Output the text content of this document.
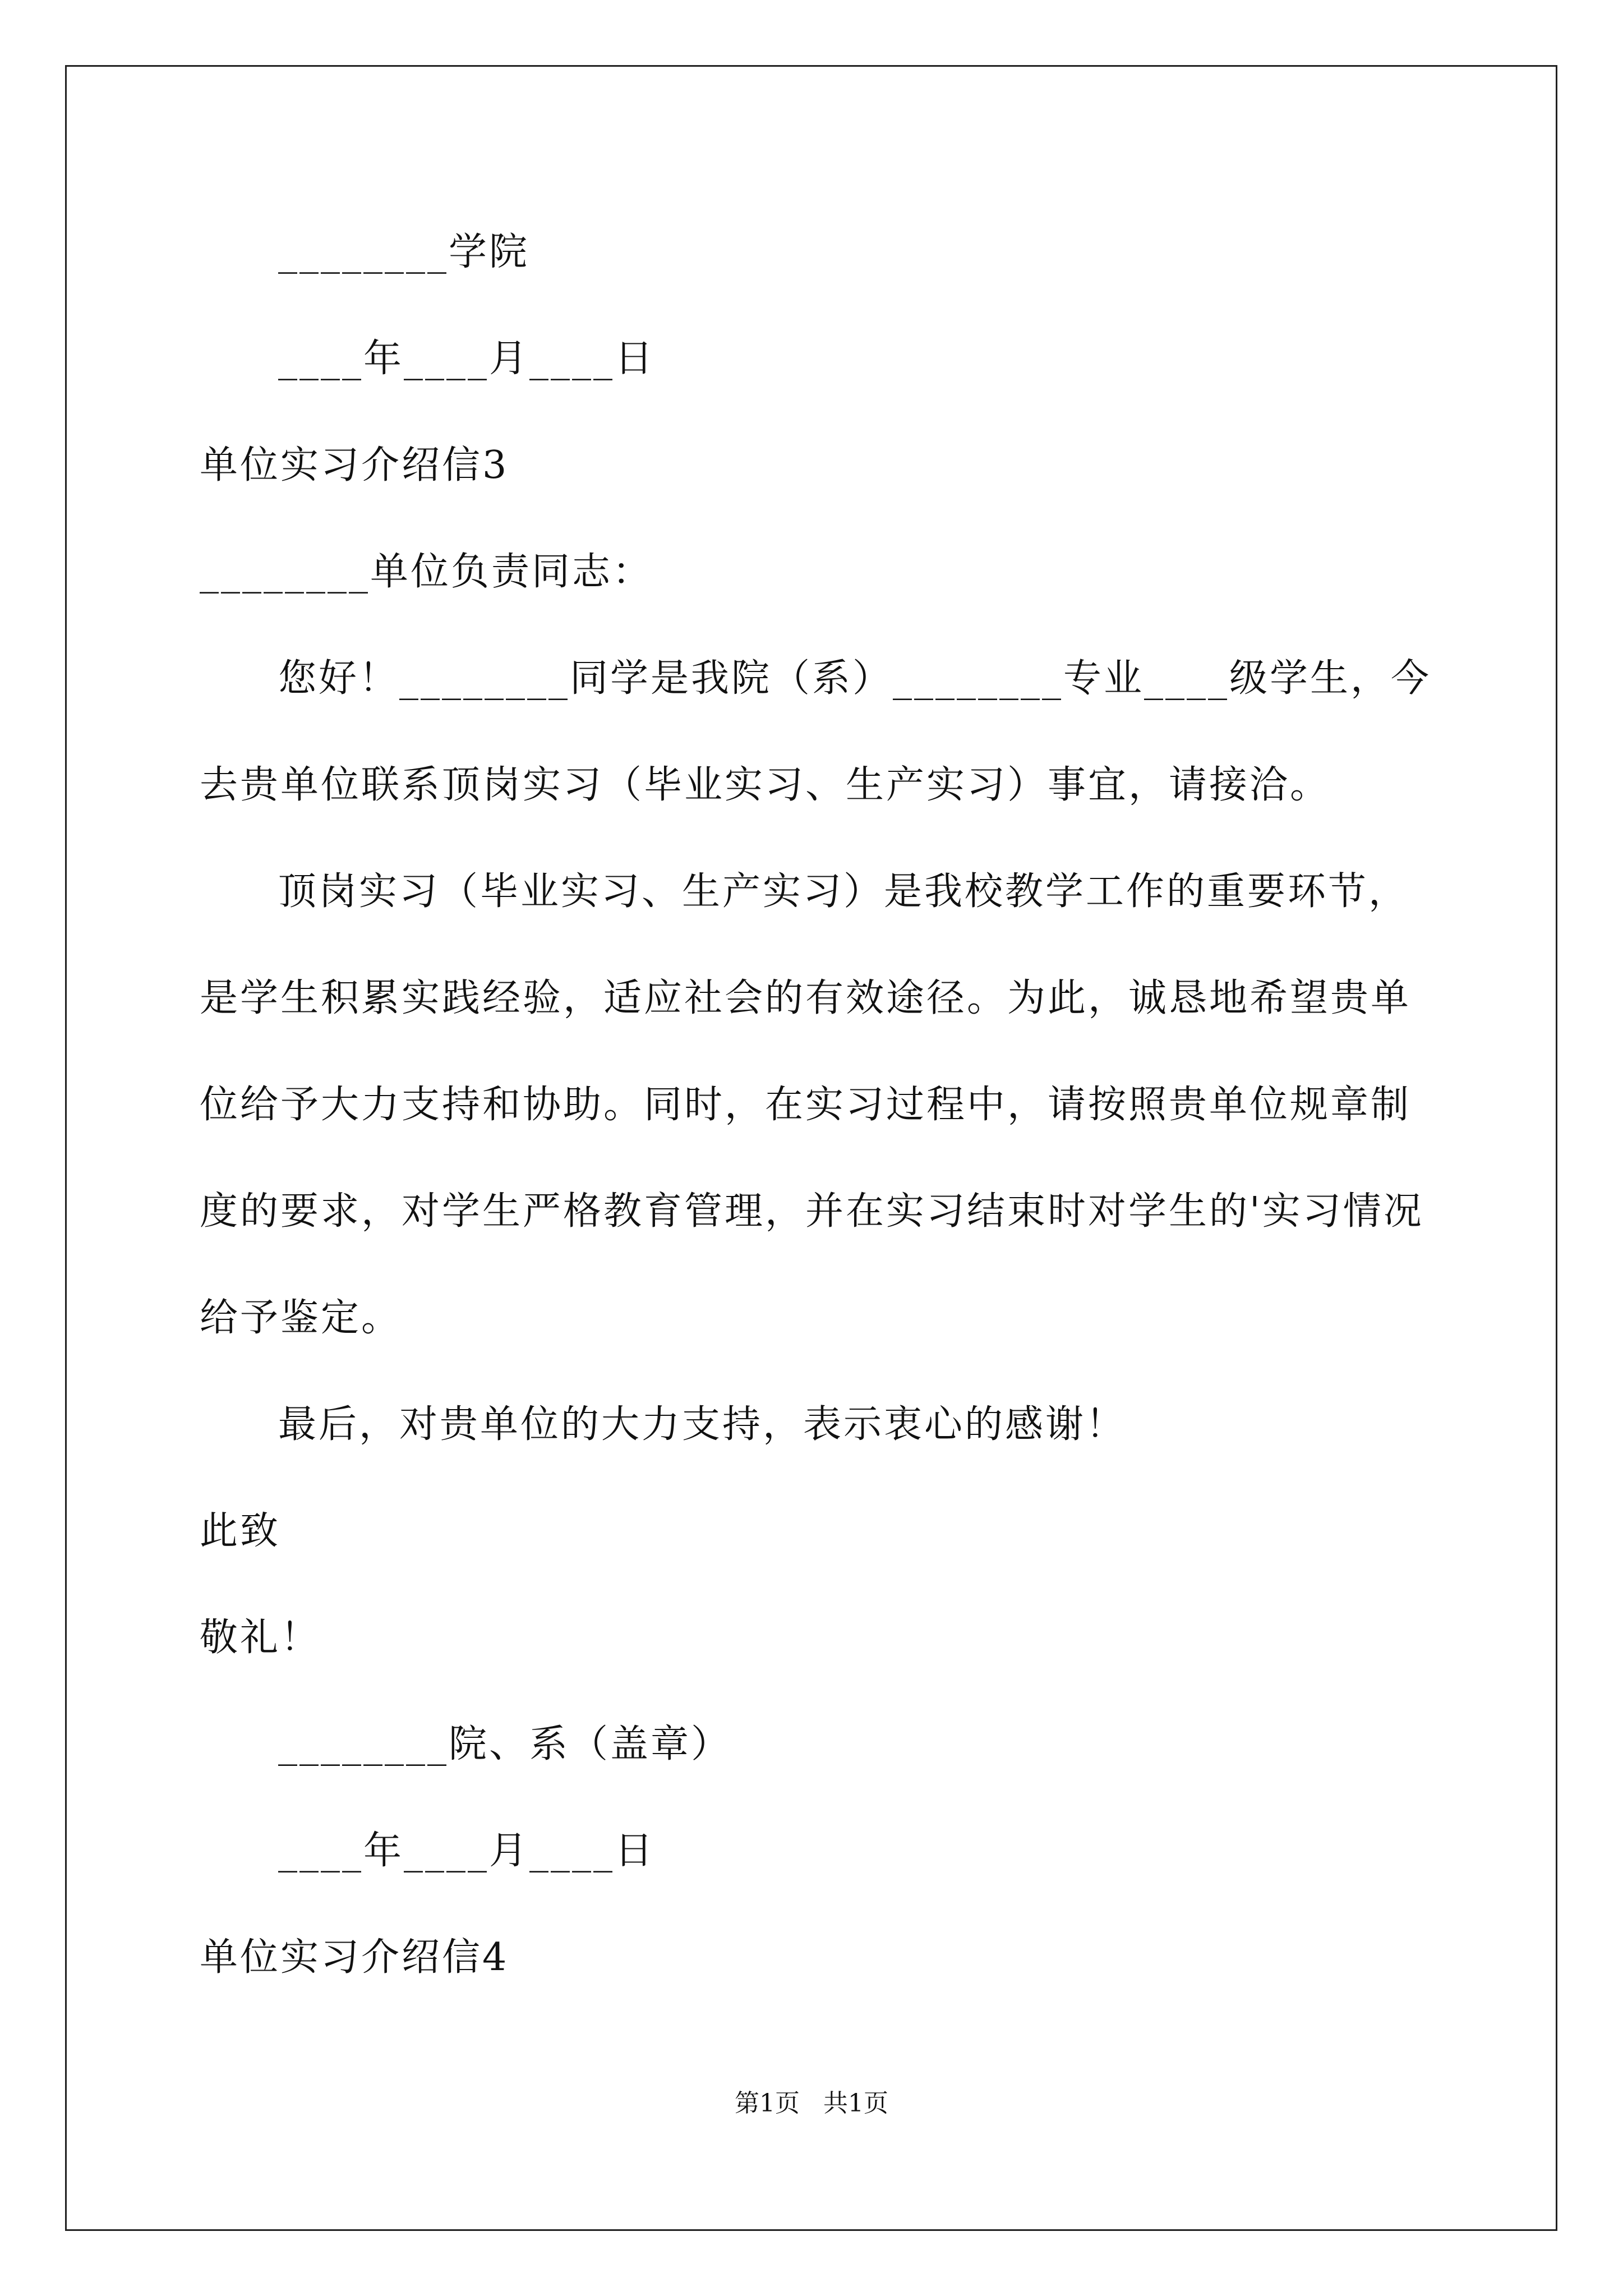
________学院
____年____月____日
单位实习介绍信3
________单位负责同志：
您好！________同学是我院（系）________专业____级学生，今
去贵单位联系顶岗实习（毕业实习、生产实习）事宜，请接洽。
顶岗实习（毕业实习、生产实习）是我校教学工作的重要环节，
是学生积累实践经验，适应社会的有效途径。为此，诚恳地希望贵单
位给予大力支持和协助。同时，在实习过程中，请按照贵单位规章制
度的要求，对学生严格教育管理，并在实习结束时对学生的'实习情况
给予鉴定。
最后，对贵单位的大力支持，表示衷心的感谢！
此致
敬礼！
________院、系（盖章）
____年____月____日
单位实习介绍信4
第1页   共1页
